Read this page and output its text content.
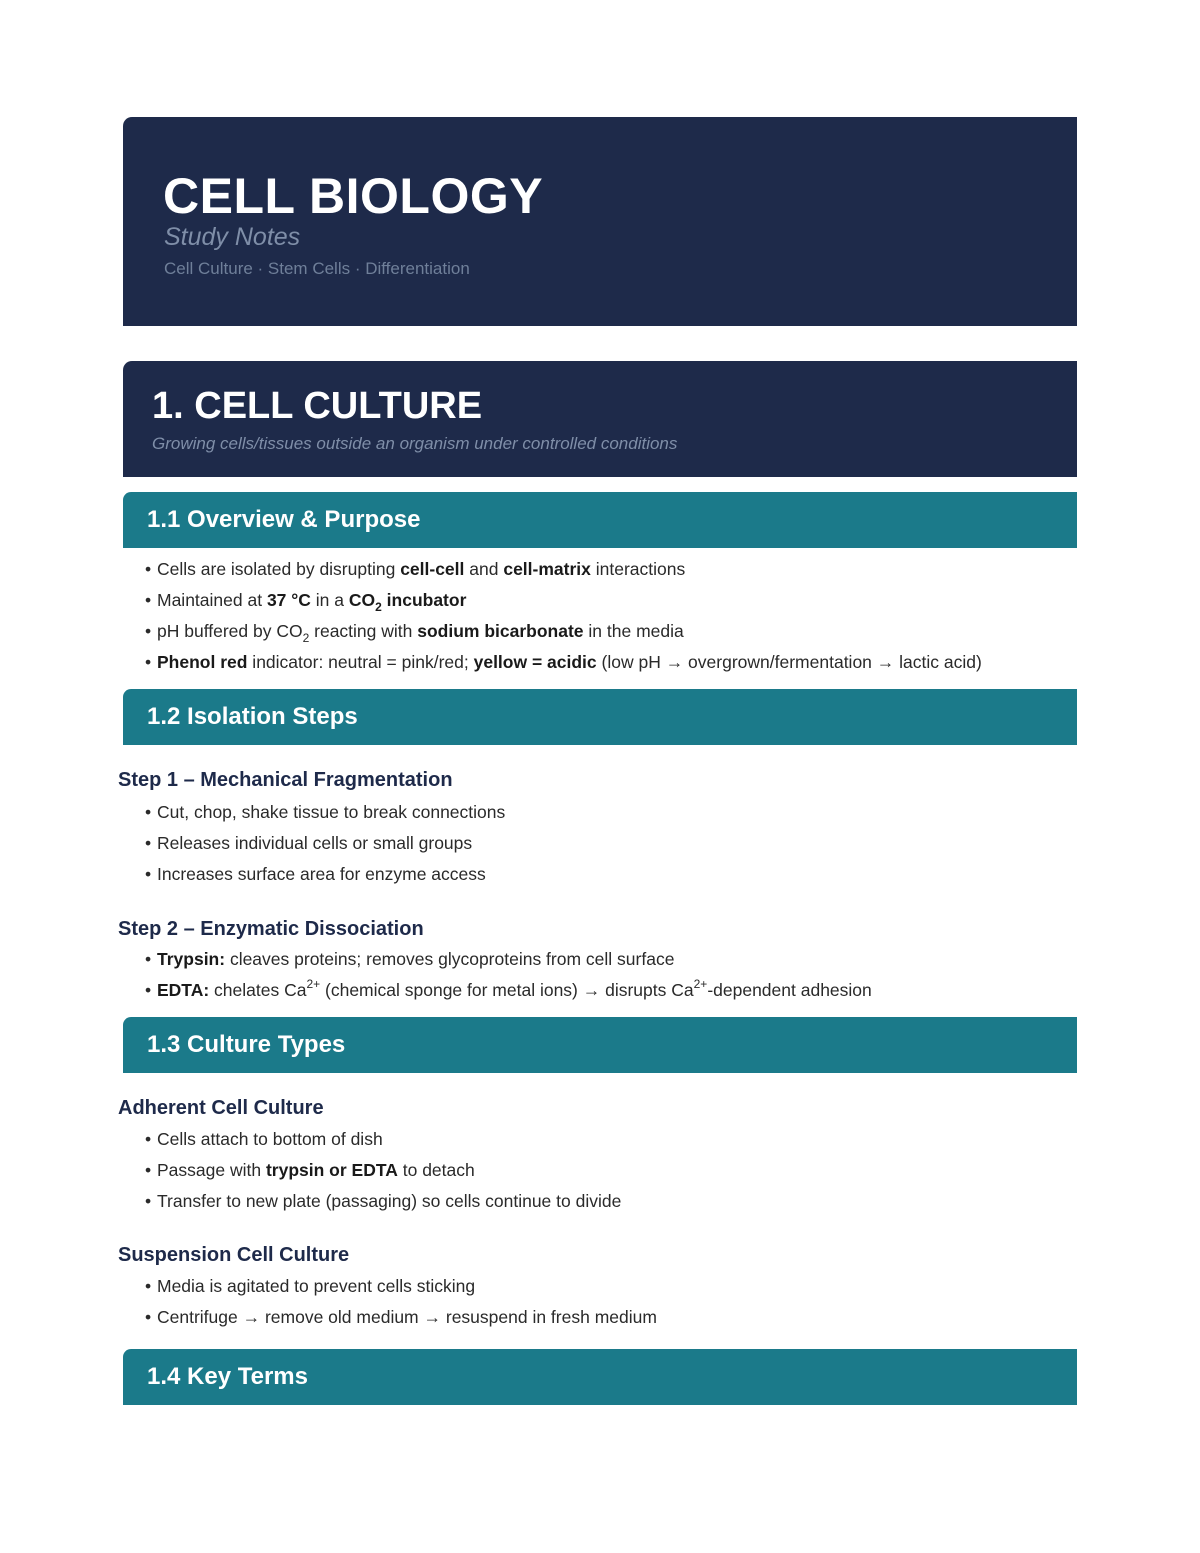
CELL BIOLOGY
Study Notes
Cell Culture · Stem Cells · Differentiation
1. CELL CULTURE
Growing cells/tissues outside an organism under controlled conditions
1.1 Overview & Purpose
• Cells are isolated by disrupting cell-cell and cell-matrix interactions
• Maintained at 37 °C in a $CO_2$ incubator
• pH buffered by $CO_2$ reacting with sodium bicarbonate in the media
• Phenol red indicator: neutral = pink/red; yellow = acidic (low pH → overgrown/fermentation → lactic acid)
1.2 Isolation Steps
Step 1 – Mechanical Fragmentation
• Cut, chop, shake tissue to break connections
• Releases individual cells or small groups
• Increases surface area for enzyme access
Step 2 – Enzymatic Dissociation
• Trypsin: cleaves proteins; removes glycoproteins from cell surface
• EDTA: chelates $Ca^{2+}$ (chemical sponge for metal ions) → disrupts $Ca^{2+}$-dependent adhesion
1.3 Culture Types
Adherent Cell Culture
• Cells attach to bottom of dish
• Passage with trypsin or EDTA to detach
• Transfer to new plate (passaging) so cells continue to divide
Suspension Cell Culture
• Media is agitated to prevent cells sticking
• Centrifuge → remove old medium → resuspend in fresh medium
1.4 Key Terms
